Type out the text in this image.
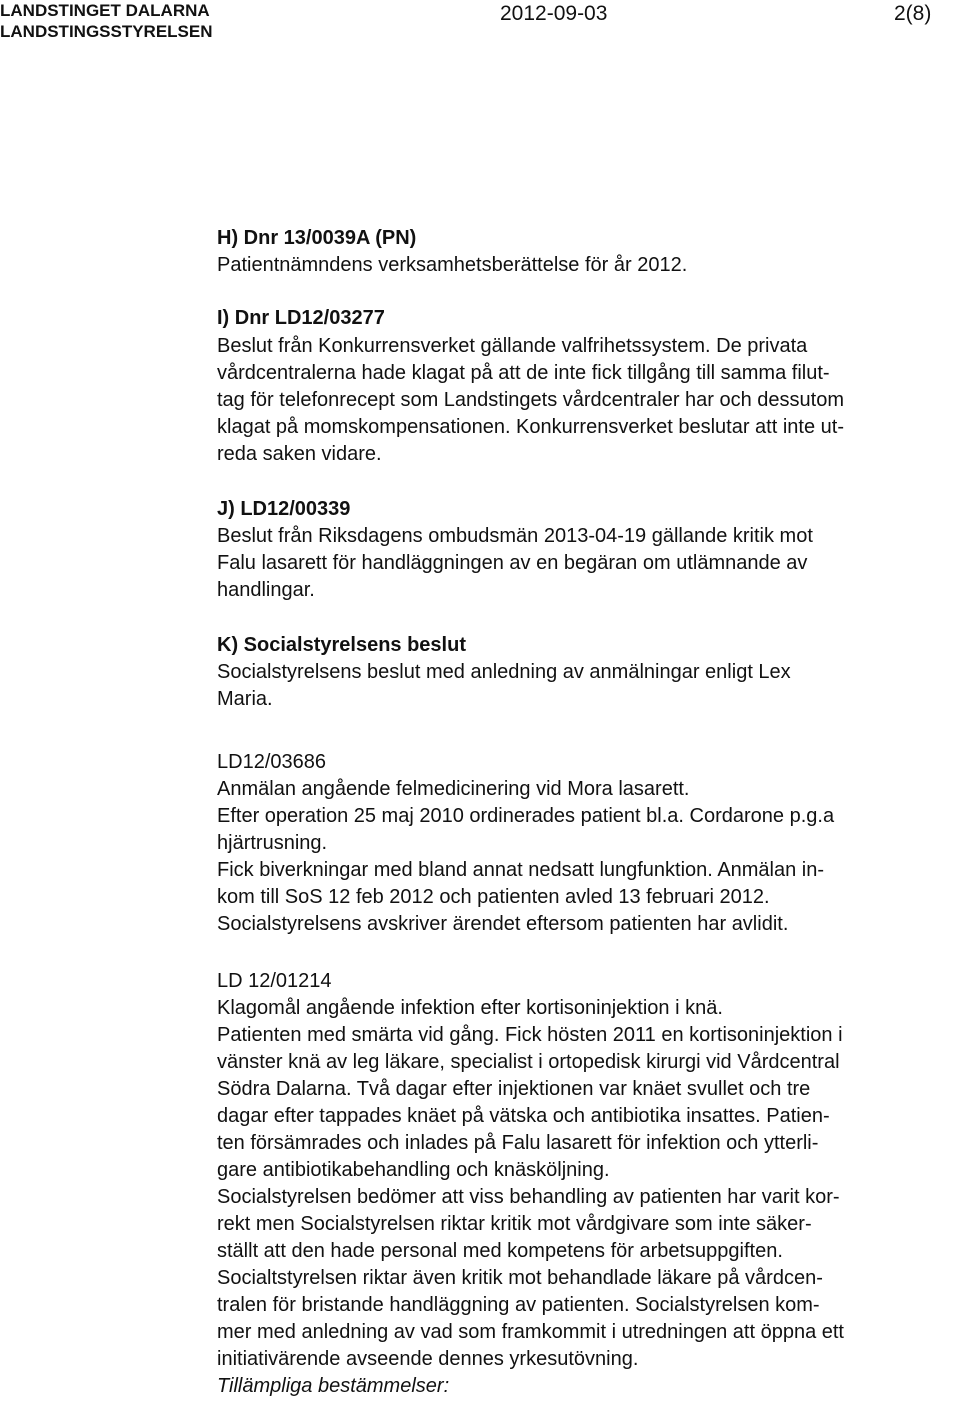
LANDSTINGET DALARNA
LANDSTINGSSTYRELSEN
2012-09-03	2(8)
H) Dnr 13/0039A (PN)
Patientnämndens verksamhetsberättelse för år 2012.
I) Dnr LD12/03277
Beslut från Konkurrensverket gällande valfrihetssystem. De privata
vårdcentralerna hade klagat på att de inte fick tillgång till samma filut-
tag för telefonrecept som Landstingets vårdcentraler har och dessutom
klagat på momskompensationen. Konkurrensverket beslutar att inte ut-
reda saken vidare.
J) LD12/00339
Beslut från Riksdagens ombudsmän 2013-04-19 gällande kritik mot
Falu lasarett för handläggningen av en begäran om utlämnande av
handlingar.
K) Socialstyrelsens beslut
Socialstyrelsens beslut med anledning av anmälningar enligt Lex
Maria.
LD12/03686
Anmälan angående felmedicinering vid Mora lasarett.
Efter operation 25 maj 2010 ordinerades patient bl.a. Cordarone p.g.a
hjärtrusning.
Fick biverkningar med bland annat nedsatt lungfunktion. Anmälan in-
kom till SoS 12 feb 2012 och patienten avled 13 februari 2012.
Socialstyrelsens avskriver ärendet eftersom patienten har avlidit.
LD 12/01214
Klagomål angående infektion efter kortisoninjektion i knä.
Patienten med smärta vid gång. Fick hösten 2011 en kortisoninjektion i
vänster knä av leg läkare, specialist i ortopedisk kirurgi vid Vårdcentral
Södra Dalarna. Två dagar efter injektionen var knäet svullet och tre
dagar efter tappades knäet på vätska och antibiotika insattes. Patien-
ten försämrades och inlades på Falu lasarett för infektion och ytterli-
gare antibiotikabehandling och knäsköljning.
Socialstyrelsen bedömer att viss behandling av patienten har varit kor-
rekt men Socialstyrelsen riktar kritik mot vårdgivare som inte säker-
ställt att den hade personal med kompetens för arbetsuppgiften.
Socialtstyrelsen riktar även kritik mot behandlade läkare på vårdcen-
tralen för bristande handläggning av patienten. Socialstyrelsen kom-
mer med anledning av vad som framkommit i utredningen att öppna ett
initiativärende avseende dennes yrkesutövning.
Tillämpliga bestämmelser:
